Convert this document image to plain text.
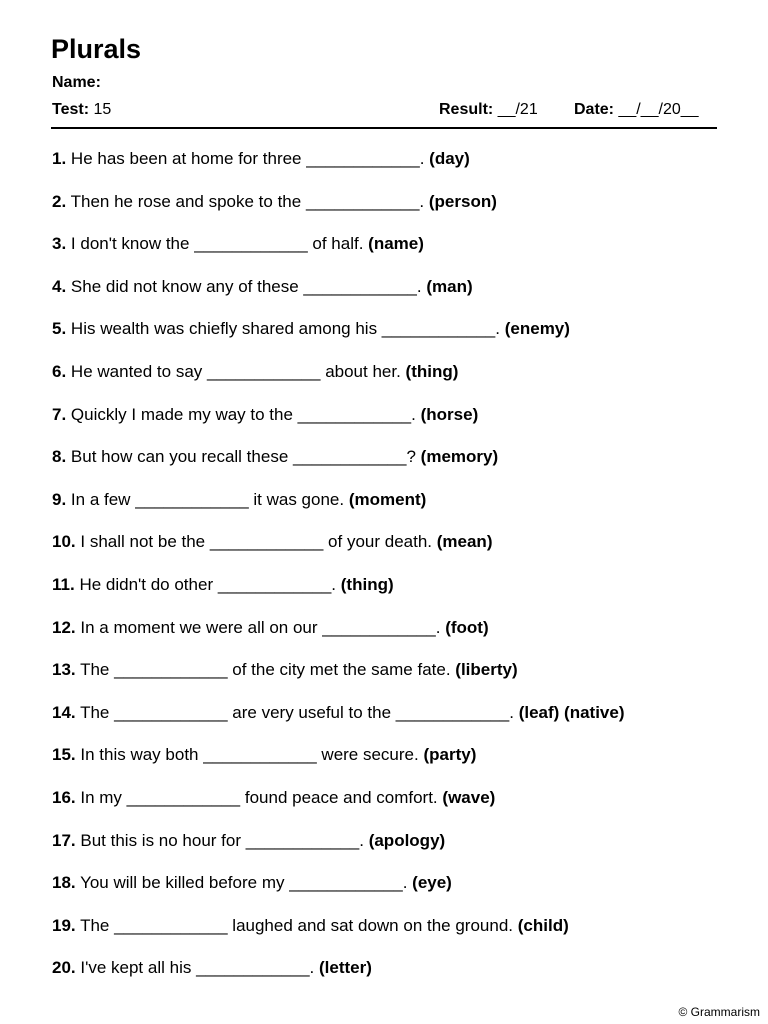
Plurals
Name:
Test: 15	Result: __/21 Date: __/__/20__
1. He has been at home for three ____________. (day)
2. Then he rose and spoke to the ____________. (person)
3. I don't know the ____________ of half. (name)
4. She did not know any of these ____________. (man)
5. His wealth was chiefly shared among his ____________. (enemy)
6. He wanted to say ____________ about her. (thing)
7. Quickly I made my way to the ____________. (horse)
8. But how can you recall these ____________? (memory)
9. In a few ____________ it was gone. (moment)
10. I shall not be the ____________ of your death. (mean)
11. He didn't do other ____________. (thing)
12. In a moment we were all on our ____________. (foot)
13. The ____________ of the city met the same fate. (liberty)
14. The ____________ are very useful to the ____________. (leaf) (native)
15. In this way both ____________ were secure. (party)
16. In my ____________ found peace and comfort. (wave)
17. But this is no hour for ____________. (apology)
18. You will be killed before my ____________. (eye)
19. The ____________ laughed and sat down on the ground. (child)
20. I've kept all his ____________. (letter)
© Grammarism
